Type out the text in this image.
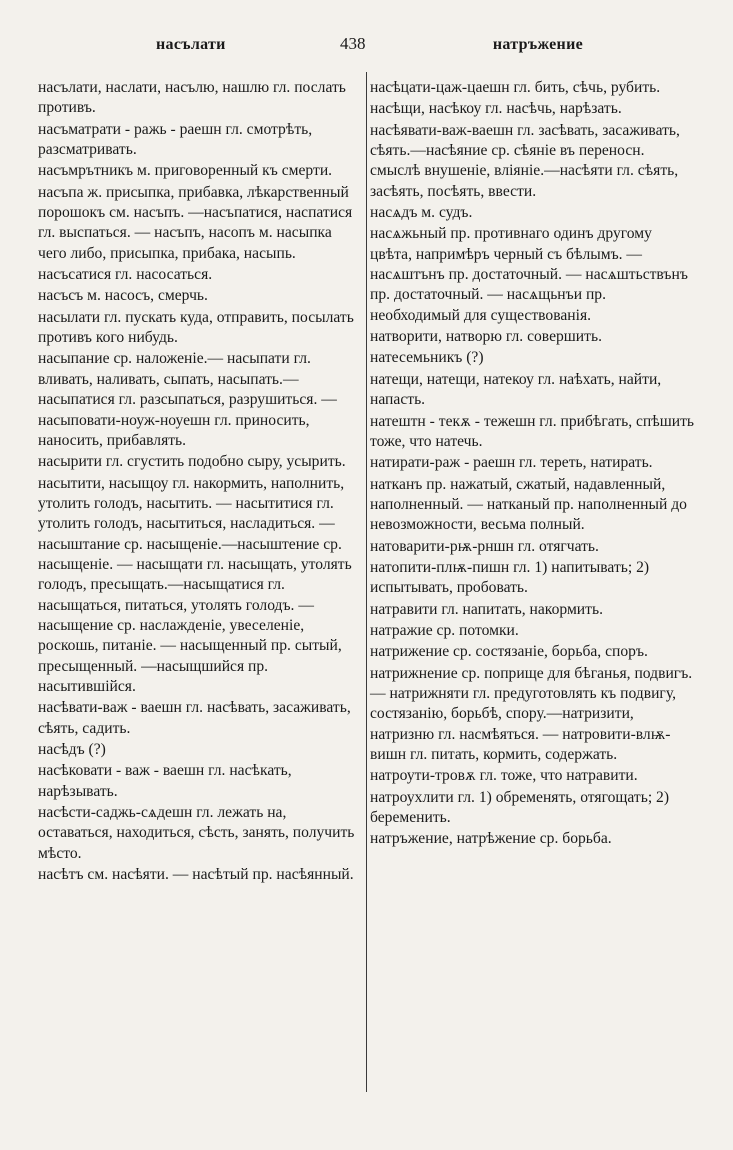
насълати	438	натръжение

насълати, наслати, насълю, нашлю гл. послать противъ.

насъматрати - ражь - раешн гл. смотрѣть, разсматривать.

насъмрътникъ м. приговоренный къ смерти.

насъпа ж. присыпка, прибавка, лѣкарственный порошокъ см. насъпъ. —насъпатися, наспатися гл. выспаться. — насъпъ, насопъ м. насыпка чего либо, присыпка, прибака, насыпь.

насъсатися гл. насосаться.

насъсъ м. насосъ, смерчь.

насылати гл. пускать куда, отправить, посылать противъ кого нибудь.

насыпание ср. наложеніе.— насыпати гл. вливать, наливать, сыпать, насыпать.— насыпатися гл. разсыпаться, разрушиться. — насыповати-ноуж-ноуешн гл. приносить, наносить, прибавлять.

насырити гл. сгустить подобно сыру, усырить.

насытити, насыщоу гл. накормить, наполнить, утолить голодъ, насытить. — насытитися гл. утолить голодъ, насытиться, насладиться. —насыштание ср. насыщеніе.—насыштение ср. насыщеніе. — насыщати гл. насыщать, утолять голодъ, пресыщать.—насыщатися гл. насыщаться, питаться, утолять голодъ. —насыщение ср. наслажденіе, увеселеніе, роскошь, питаніе. — насыщенный пр. сытый, пресыщенный. —насыщшийся пр. насытившійся.

насѣвати-важ - ваешн гл. насѣвать, засаживать, сѣять, садить.

насѣдъ (?)

насѣковати - важ - ваешн гл. насѣкать, нарѣзывать.

насѣсти-саджь-сѧдешн гл. лежать на, оставаться, находиться, сѣсть, занять, получить мѣсто.

насѣтъ см. насѣяти. — насѣтый пр. насѣянный.

насѣцати-цаж-цаешн гл. бить, сѣчь, рубить.

насѣщи, насѣкоу гл. насѣчь, нарѣзать.

насѣявати-важ-ваешн гл. засѣвать, засаживать, сѣять.—насѣяние ср. сѣяніе въ переносн. смыслѣ внушеніе, вліяніе.—насѣяти гл. сѣять, засѣять, посѣять, ввести.

насѧдъ м. судъ.

насѧжьный пр. противнаго одинъ другому цвѣта, напримѣръ черный съ бѣлымъ. — насѧштънъ пр. достаточный. — насѧштьствънъ пр. достаточный. — насѧщьнъи пр. необходимый для существованія.

натворити, натворю гл. совершить.

натесемьникъ (?)

натещи, натещи, натекоу гл. наѣхать, найти, напасть.

натештн - текѫ - тежешн гл. прибѣгать, спѣшить тоже, что натечь.

натирати-раж - раешн гл. тереть, натирать.

натканъ пр. нажатый, сжатый, надавленный, наполненный. — натканый пр. наполненный до невозможности, весьма полный.

натоварити-рѭ-рншн гл. отягчать.

натопити-плѭ-пишн гл. 1) напитывать; 2) испытывать, пробовать.

натравити гл. напитать, накормить.

натражие ср. потомки.

натрижение ср. состязаніе, борьба, споръ.

натрижнение ср. поприще для бѣганья, подвигъ. — натрижняти гл. предуготовлять къ подвигу, состязанію, борьбѣ, спору.—натризити, натризню гл. насмѣяться. — натровити-влѭ-вишн гл. питать, кормить, содержать.

натроути-тровѫ гл. тоже, что натравити.

натроухлити гл. 1) обременять, отягощать; 2) беременить.

натръжение, натрѣжение ср. борьба.
